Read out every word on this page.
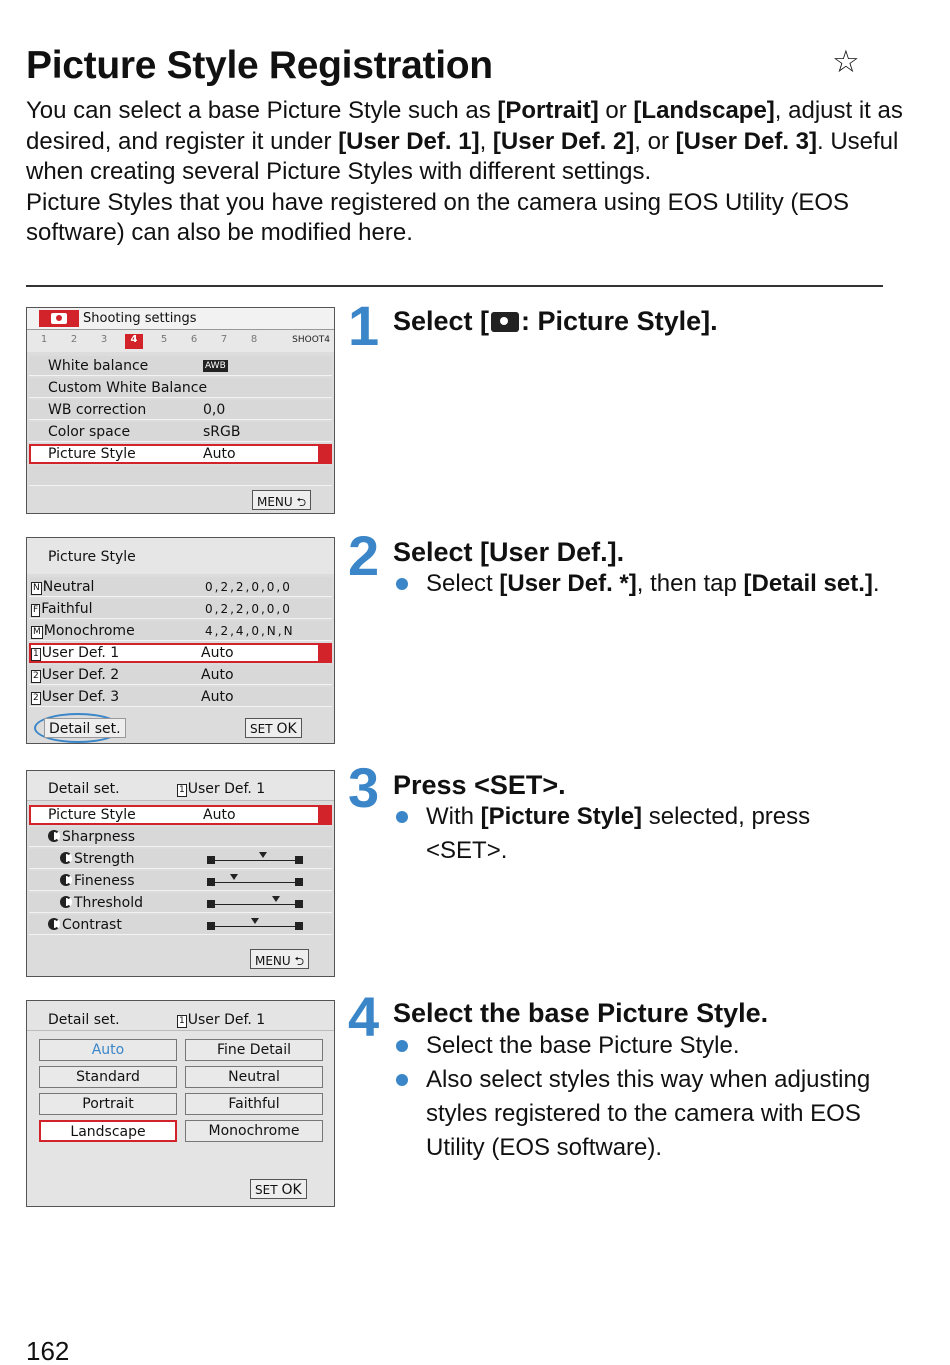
Picture Style Registration	☆
You can select a base Picture Style such as [Portrait] or [Landscape], adjust it as desired, and register it under [User Def. 1], [User Def. 2], or [User Def. 3]. Useful when creating several Picture Styles with different settings.
Picture Styles that you have registered on the camera using EOS Utility (EOS software) can also be modified here.
Shooting settings
1	2	3	4	5	6	7	8	SHOOT4
White balance	AWB
Custom White Balance
WB correction	0,0
Color space	sRGB
Picture Style	Auto
MENU ⮌
Picture Style
N Neutral	0,2,2,0,0,0
F Faithful	0,2,2,0,0,0
M Monochrome	4,2,4,0,N,N
1 User Def. 1	Auto
2 User Def. 2	Auto
2 User Def. 3	Auto
Detail set.	SET OK
Detail set.	1 User Def. 1
Picture Style	Auto
Sharpness
Strength
Fineness
Threshold
Contrast
MENU ⮌
Detail set.	1 User Def. 1
Auto	Fine Detail
Standard	Neutral
Portrait	Faithful
Landscape	Monochrome
SET OK
1 Select [ : Picture Style].
2 Select [User Def.].
Select [User Def. *], then tap [Detail set.].
3 Press <SET>.
With [Picture Style] selected, press <SET>.
4 Select the base Picture Style.
Select the base Picture Style.
Also select styles this way when adjusting styles registered to the camera with EOS Utility (EOS software).
162
